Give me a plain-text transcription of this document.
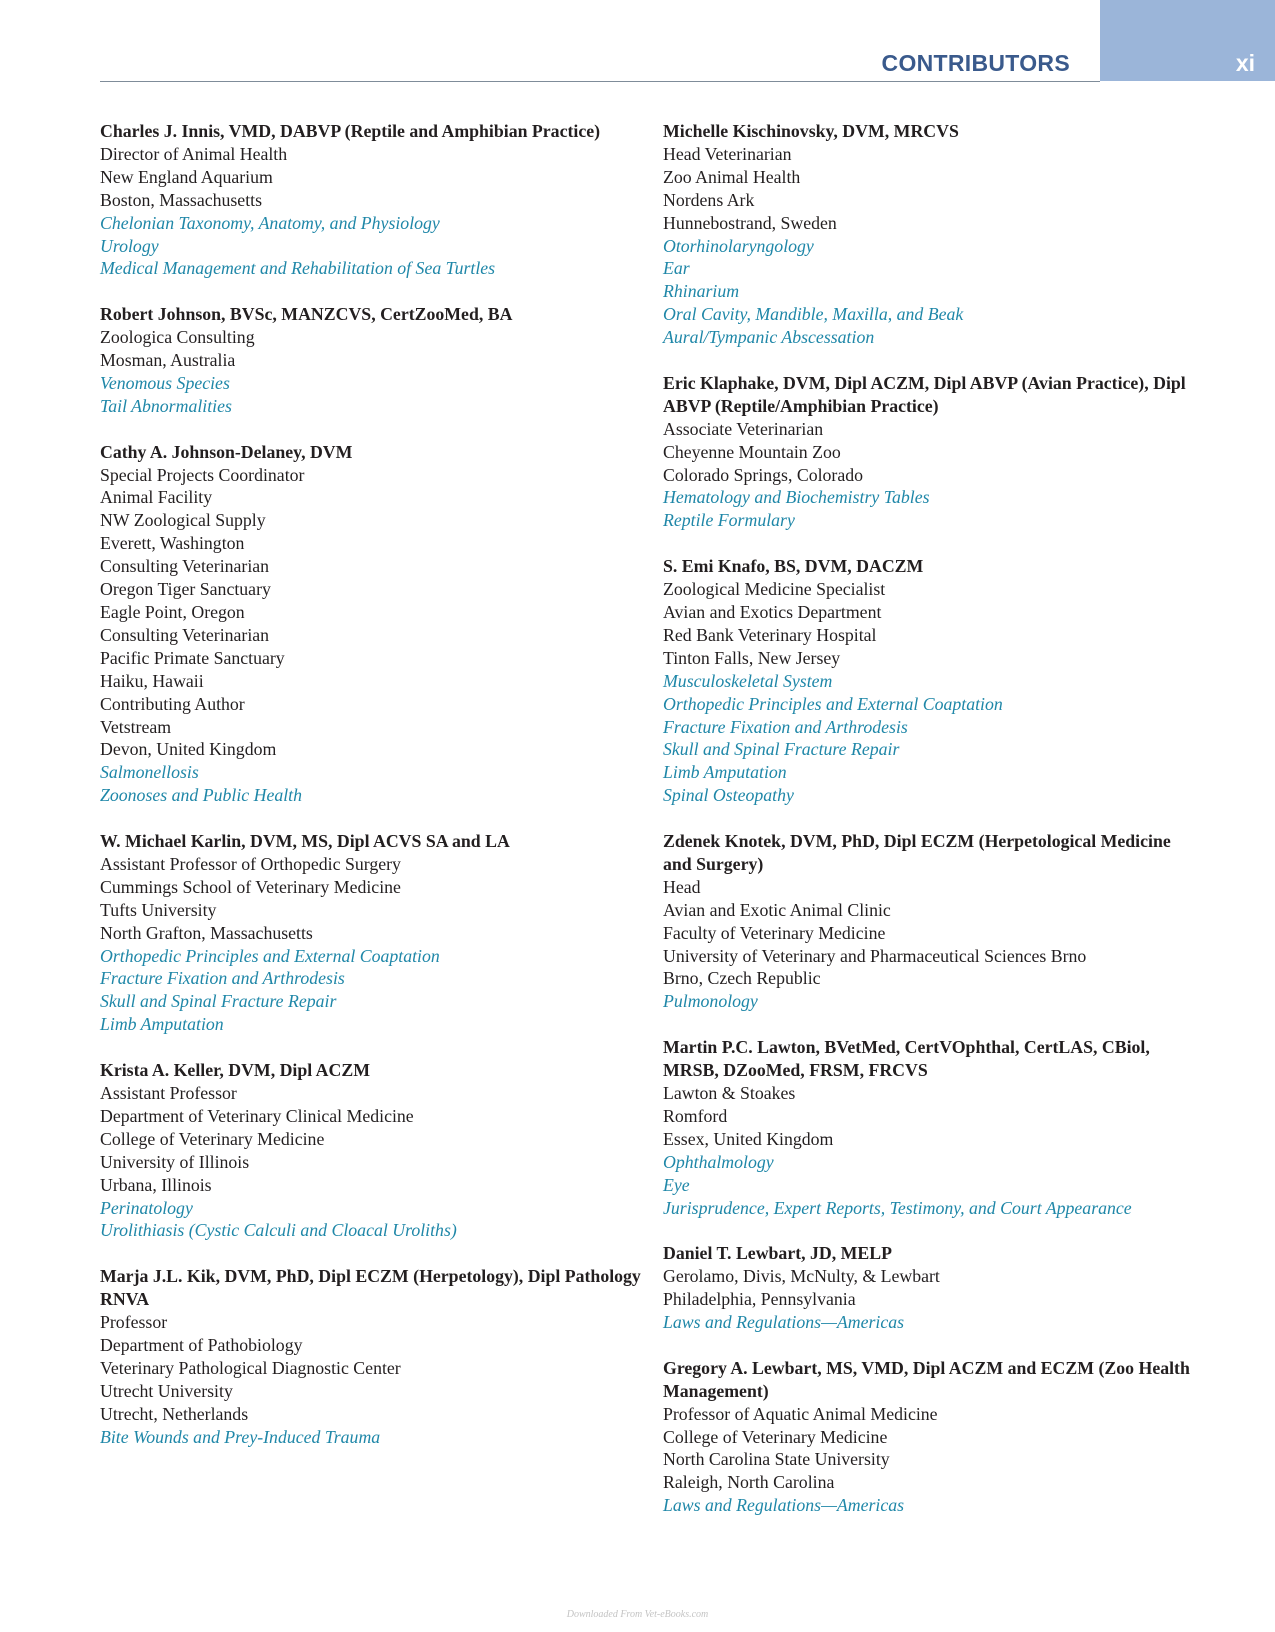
CONTRIBUTORS	xi
Charles J. Innis, VMD, DABVP (Reptile and Amphibian Practice)
Director of Animal Health
New England Aquarium
Boston, Massachusetts
Chelonian Taxonomy, Anatomy, and Physiology
Urology
Medical Management and Rehabilitation of Sea Turtles
Robert Johnson, BVSc, MANZCVS, CertZooMed, BA
Zoologica Consulting
Mosman, Australia
Venomous Species
Tail Abnormalities
Cathy A. Johnson-Delaney, DVM
Special Projects Coordinator
Animal Facility
NW Zoological Supply
Everett, Washington
Consulting Veterinarian
Oregon Tiger Sanctuary
Eagle Point, Oregon
Consulting Veterinarian
Pacific Primate Sanctuary
Haiku, Hawaii
Contributing Author
Vetstream
Devon, United Kingdom
Salmonellosis
Zoonoses and Public Health
W. Michael Karlin, DVM, MS, Dipl ACVS SA and LA
Assistant Professor of Orthopedic Surgery
Cummings School of Veterinary Medicine
Tufts University
North Grafton, Massachusetts
Orthopedic Principles and External Coaptation
Fracture Fixation and Arthrodesis
Skull and Spinal Fracture Repair
Limb Amputation
Krista A. Keller, DVM, Dipl ACZM
Assistant Professor
Department of Veterinary Clinical Medicine
College of Veterinary Medicine
University of Illinois
Urbana, Illinois
Perinatology
Urolithiasis (Cystic Calculi and Cloacal Uroliths)
Marja J.L. Kik, DVM, PhD, Dipl ECZM (Herpetology), Dipl Pathology RNVA
Professor
Department of Pathobiology
Veterinary Pathological Diagnostic Center
Utrecht University
Utrecht, Netherlands
Bite Wounds and Prey-Induced Trauma
Michelle Kischinovsky, DVM, MRCVS
Head Veterinarian
Zoo Animal Health
Nordens Ark
Hunnebostrand, Sweden
Otorhinolaryngology
Ear
Rhinarium
Oral Cavity, Mandible, Maxilla, and Beak
Aural/Tympanic Abscessation
Eric Klaphake, DVM, Dipl ACZM, Dipl ABVP (Avian Practice), Dipl ABVP (Reptile/Amphibian Practice)
Associate Veterinarian
Cheyenne Mountain Zoo
Colorado Springs, Colorado
Hematology and Biochemistry Tables
Reptile Formulary
S. Emi Knafo, BS, DVM, DACZM
Zoological Medicine Specialist
Avian and Exotics Department
Red Bank Veterinary Hospital
Tinton Falls, New Jersey
Musculoskeletal System
Orthopedic Principles and External Coaptation
Fracture Fixation and Arthrodesis
Skull and Spinal Fracture Repair
Limb Amputation
Spinal Osteopathy
Zdenek Knotek, DVM, PhD, Dipl ECZM (Herpetological Medicine and Surgery)
Head
Avian and Exotic Animal Clinic
Faculty of Veterinary Medicine
University of Veterinary and Pharmaceutical Sciences Brno
Brno, Czech Republic
Pulmonology
Martin P.C. Lawton, BVetMed, CertVOphthal, CertLAS, CBiol, MRSB, DZooMed, FRSM, FRCVS
Lawton & Stoakes
Romford
Essex, United Kingdom
Ophthalmology
Eye
Jurisprudence, Expert Reports, Testimony, and Court Appearance
Daniel T. Lewbart, JD, MELP
Gerolamo, Divis, McNulty, & Lewbart
Philadelphia, Pennsylvania
Laws and Regulations—Americas
Gregory A. Lewbart, MS, VMD, Dipl ACZM and ECZM (Zoo Health Management)
Professor of Aquatic Animal Medicine
College of Veterinary Medicine
North Carolina State University
Raleigh, North Carolina
Laws and Regulations—Americas
Downloaded From Vet-eBooks.com
